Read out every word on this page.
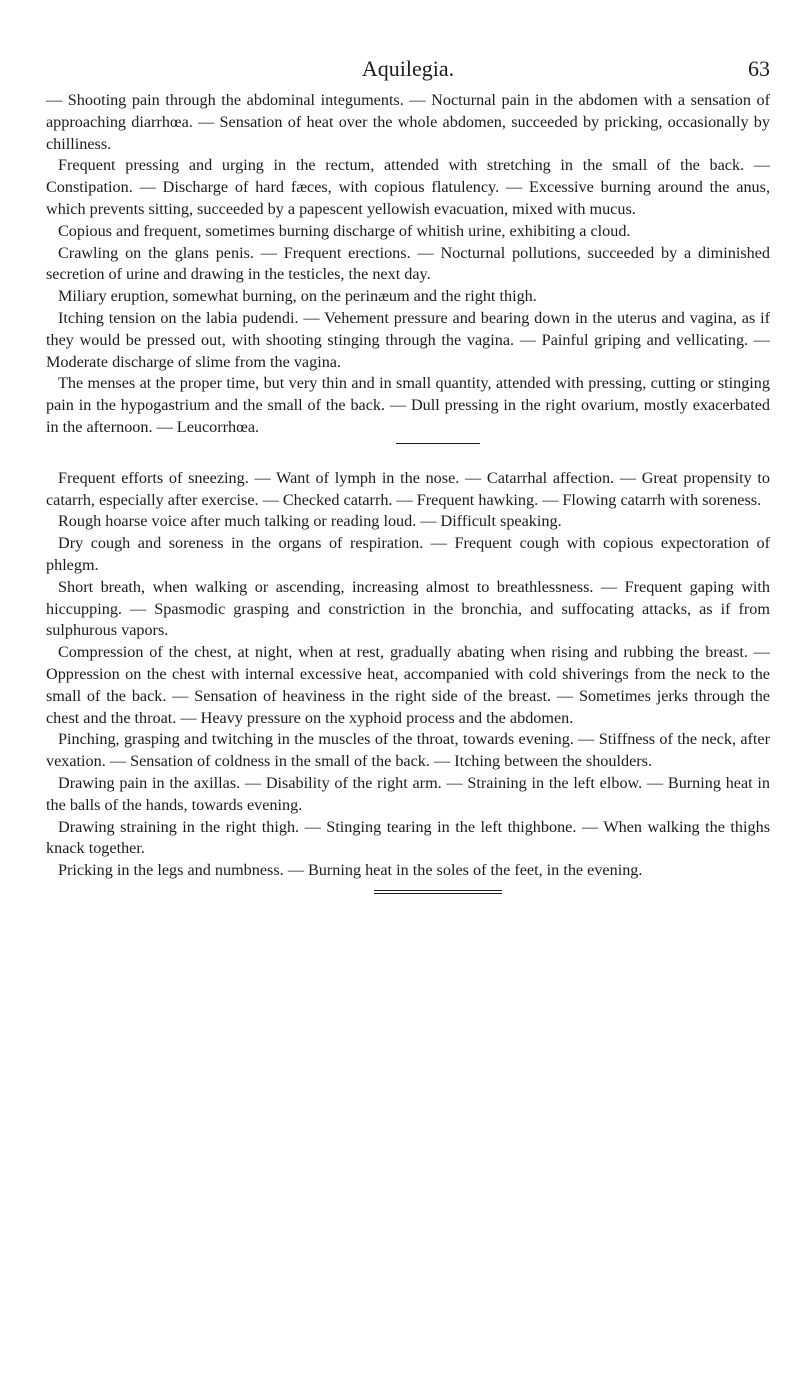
Aquilegia.	63

— Shooting pain through the abdominal integuments. — Nocturnal pain in the abdomen with a sensation of approaching diarrhœa. — Sensation of heat over the whole abdomen, succeeded by pricking, occasionally by chilliness.

Frequent pressing and urging in the rectum, attended with stretching in the small of the back. — Constipation. — Discharge of hard fæces, with copious flatulency. — Excessive burning around the anus, which prevents sitting, succeeded by a papescent yellowish evacuation, mixed with mucus.

Copious and frequent, sometimes burning discharge of whitish urine, exhibiting a cloud.

Crawling on the glans penis. — Frequent erections. — Nocturnal pollutions, succeeded by a diminished secretion of urine and drawing in the testicles, the next day.

Miliary eruption, somewhat burning, on the perinæum and the right thigh.

Itching tension on the labia pudendi. — Vehement pressure and bearing down in the uterus and vagina, as if they would be pressed out, with shooting stinging through the vagina. — Painful griping and vellicating. — Moderate discharge of slime from the vagina.

The menses at the proper time, but very thin and in small quantity, attended with pressing, cutting or stinging pain in the hypogastrium and the small of the back. — Dull pressing in the right ovarium, mostly exacerbated in the afternoon. — Leucorrhœa.

Frequent efforts of sneezing. — Want of lymph in the nose. — Catarrhal affection. — Great propensity to catarrh, especially after exercise. — Checked catarrh. — Frequent hawking. — Flowing catarrh with soreness.

Rough hoarse voice after much talking or reading loud. — Difficult speaking.

Dry cough and soreness in the organs of respiration. — Frequent cough with copious expectoration of phlegm.

Short breath, when walking or ascending, increasing almost to breathlessness. — Frequent gaping with hiccupping. — Spasmodic grasping and constriction in the bronchia, and suffocating attacks, as if from sulphurous vapors.

Compression of the chest, at night, when at rest, gradually abating when rising and rubbing the breast. — Oppression on the chest with internal excessive heat, accompanied with cold shiverings from the neck to the small of the back. — Sensation of heaviness in the right side of the breast. — Sometimes jerks through the chest and the throat. — Heavy pressure on the xyphoid process and the abdomen.

Pinching, grasping and twitching in the muscles of the throat, towards evening. — Stiffness of the neck, after vexation. — Sensation of coldness in the small of the back. — Itching between the shoulders.

Drawing pain in the axillas. — Disability of the right arm. — Straining in the left elbow. — Burning heat in the balls of the hands, towards evening.

Drawing straining in the right thigh. — Stinging tearing in the left thighbone. — When walking the thighs knack together.

Pricking in the legs and numbness. — Burning heat in the soles of the feet, in the evening.
